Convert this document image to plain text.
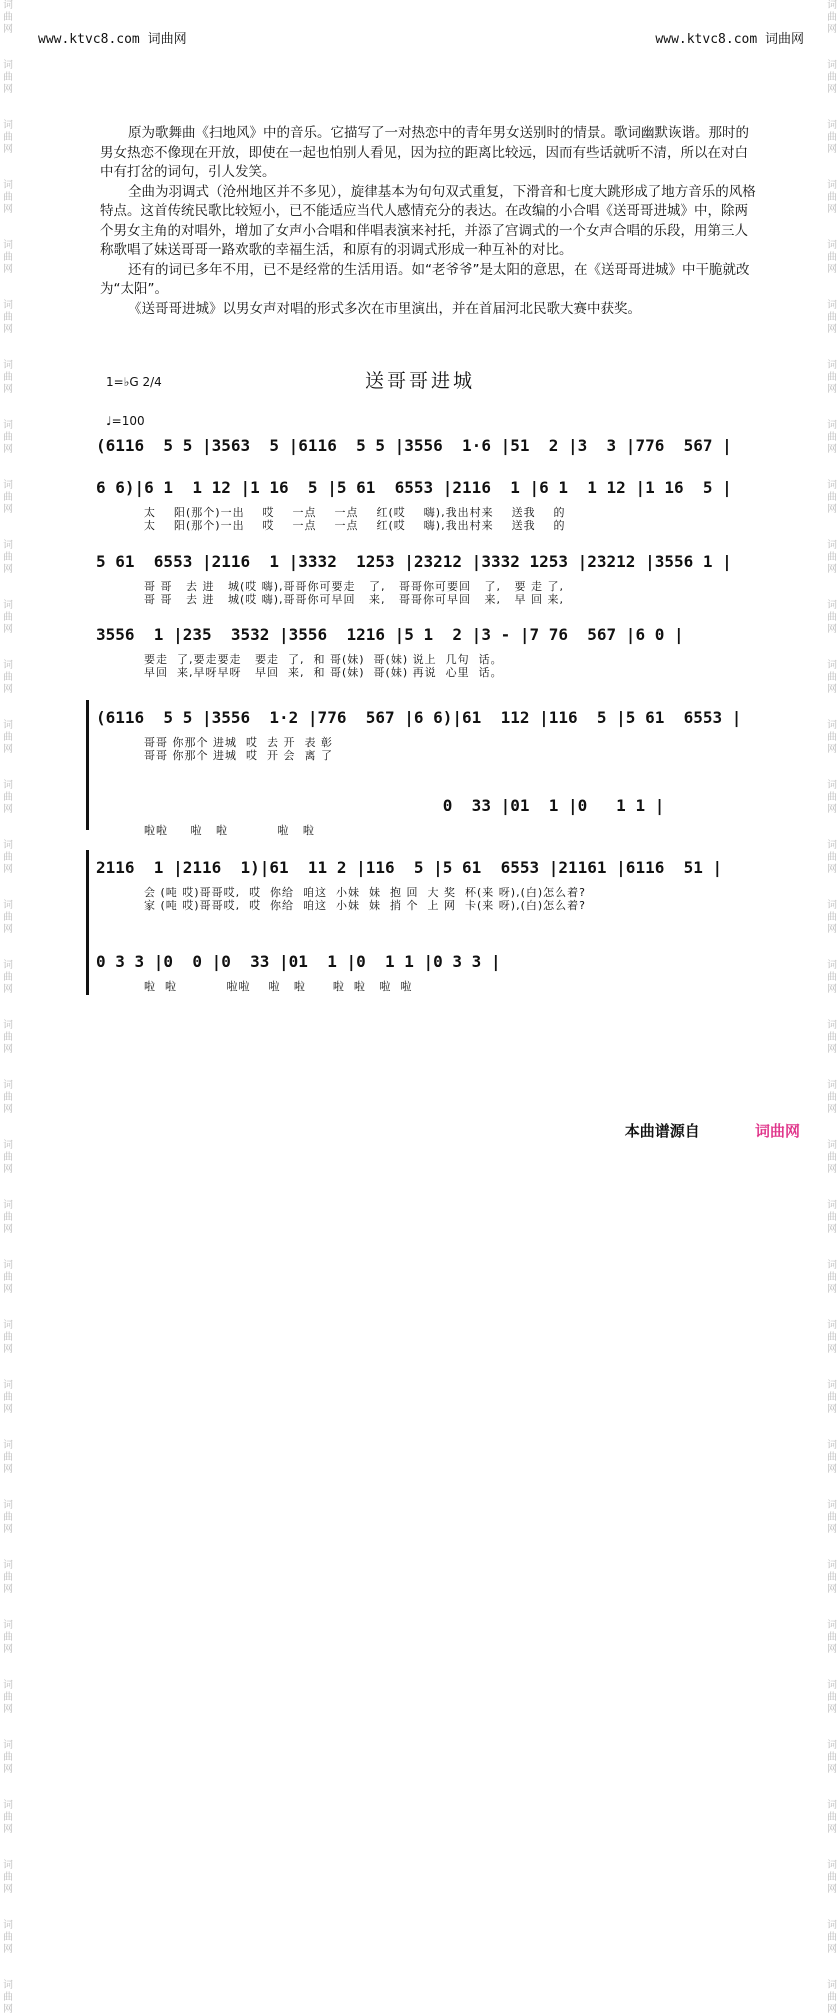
词
曲
网

词
曲
网

词
曲
网

词
曲
网

词
曲
网

词
曲
网

词
曲
网

词
曲
网

词
曲
网

词
曲
网

词
曲
网

词
曲
网

词
曲
网

词
曲
网

词
曲
网

词
曲
网

词
曲
网

词
曲
网

词
曲
网

词
曲
网

词
曲
网

词
曲
网

词
曲
网

词
曲
网

词
曲
网

词
曲
网

词
曲
网

词
曲
网

词
曲
网

词
曲
网

词
曲
网

词
曲
网

词
曲
网

词
曲
网

词
曲
网

词
曲
网

词
曲
网

词
曲
网

词
曲
网

词
曲
网

词
曲
网

词
曲
网

词
曲
网

词
曲
网

词
曲
网

词
曲
网

词
曲
网

词
曲
网

词
曲
网

词
曲
网

词
曲
网

词
曲
网

词
曲
网

词
曲
网

词
曲
网

词
曲
网

词
曲
网

词
曲
网

词
曲
网

词
曲
网

词
曲
网

词
曲
网

词
曲
网

词
曲
网

词
曲
网

词
曲
网

词
曲
网

词
曲
网

www.ktvc8.com 词曲网	www.ktvc8.com 词曲网

原为歌舞曲《扫地风》中的音乐。它描写了一对热恋中的青年男女送别时的情景。歌词幽默诙谐。那时的男女热恋不像现在开放，即使在一起也怕别人看见，因为拉的距离比较远，因而有些话就听不清，所以在对白中有打岔的词句，引人发笑。

全曲为羽调式（沧州地区并不多见），旋律基本为句句双式重复，下滑音和七度大跳形成了地方音乐的风格特点。这首传统民歌比较短小，已不能适应当代人感情充分的表达。在改编的小合唱《送哥哥进城》中，除两个男女主角的对唱外，增加了女声小合唱和伴唱表演来衬托，并添了宫调式的一个女声合唱的乐段，用第三人称歌唱了妹送哥哥一路欢歌的幸福生活，和原有的羽调式形成一种互补的对比。

还有的词已多年不用，已不是经常的生活用语。如“老爷爷”是太阳的意思，在《送哥哥进城》中干脆就改为“太阳”。

《送哥哥进城》以男女声对唱的形式多次在市里演出，并在首届河北民歌大赛中获奖。

送哥哥进城
1=♭G 2/4
♩=100
(6116  5 5 |3563  5 |6116  5 5 |3556  1·6 |51  2 |3  3 |776  567 |
6 6)|6 1  1 12 |1 16  5 |5 61  6553 |2116  1 |6 1  1 12 |1 16  5 |
太    阳(那个)一出    哎    一点    一点    红(哎    嗨),我出村来    送我    的
太    阳(那个)一出    哎    一点    一点    红(哎    嗨),我出村来    送我    的
5 61  6553 |2116  1 |3332  1253 |23212 |3332 1253 |23212 |3556 1 |
哥 哥   去 进   城(哎 嗨),哥哥你可要走   了,   哥哥你可要回   了,   要 走 了,
哥 哥   去 进   城(哎 嗨),哥哥你可早回   来,   哥哥你可早回   来,   早 回 来,
3556  1 |235  3532 |3556  1216 |5 1  2 |3 - |7 76  567 |6 0 |
要走  了,要走要走   要走  了,  和 哥(妹)  哥(妹) 说上  几句  话。
早回  来,早呀早呀   早回  来,  和 哥(妹)  哥(妹) 再说  心里  话。
(6116  5 5 |3556  1·2 |776  567 |6 6)|61  112 |116  5 |5 61  6553 |
哥哥 你那个 进城  哎  去 开  表 彰
哥哥 你那个 进城  哎  开 会  离 了
0  33 |01  1 |0   1 1 |
啦啦     啦   啦           啦   啦
2116  1 |2116  1)|61  11 2 |116  5 |5 61  6553 |21161 |6116  51 |
会 (吨 哎)哥哥哎,  哎  你给  咱这  小妹  妹  抱 回  大 奖  杯(来 呀),(白)怎么着?
家 (吨 哎)哥哥哎,  哎  你给  咱这  小妹  妹  捎 个  上 网  卡(来 呀),(白)怎么着?
0 3 3 |0  0 |0  33 |01  1 |0  1 1 |0 3 3 |
啦  啦           啦啦    啦   啦      啦  啦   啦  啦
本曲谱源自	词曲网
